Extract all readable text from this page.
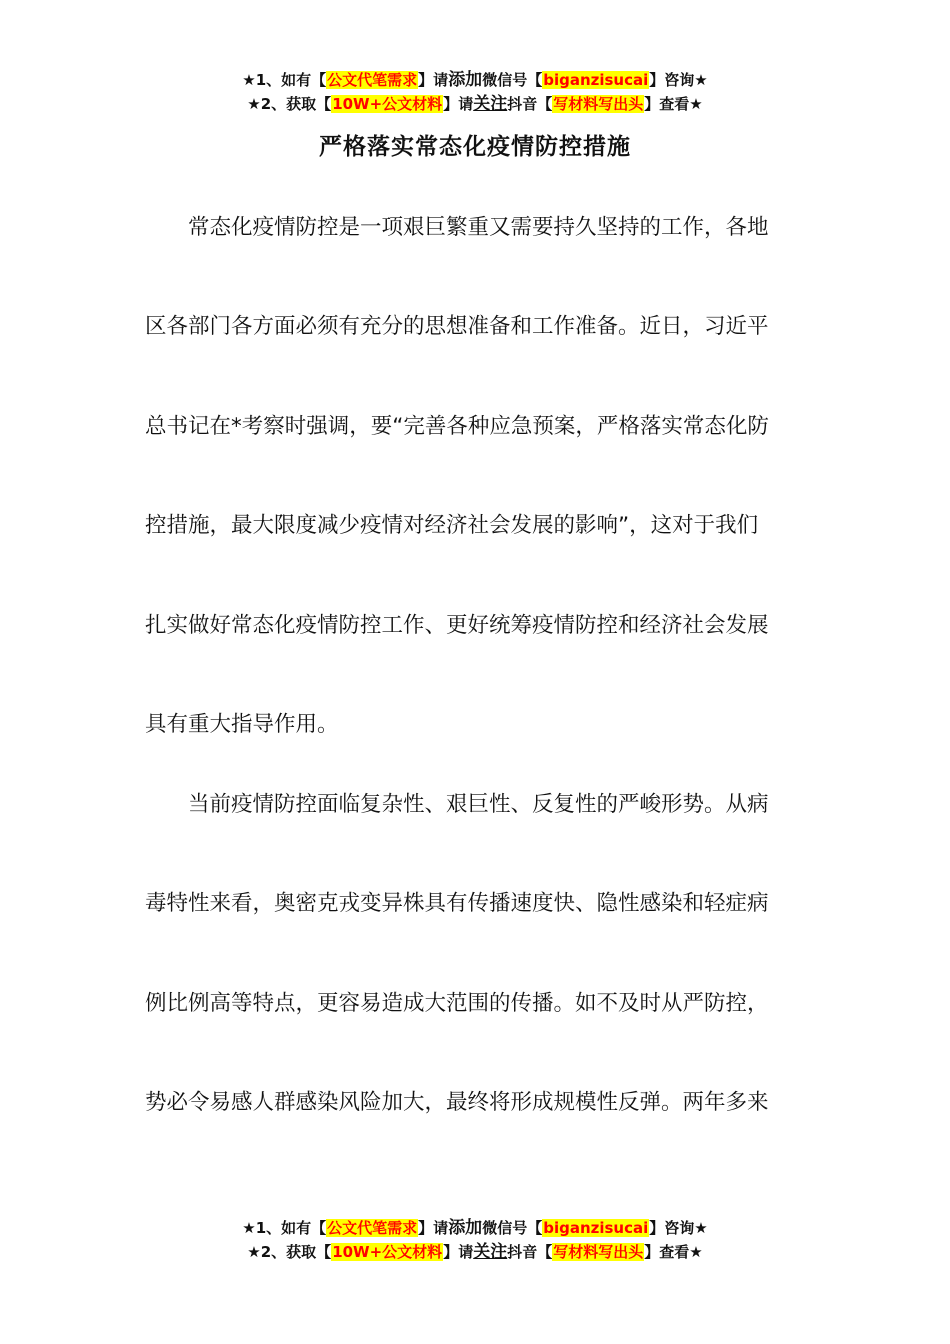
★1、如有【公文代笔需求】请添加微信号【biganzisucai】咨询★
★2、获取【10W+公文材料】请关注抖音【写材料写出头】查看★
严格落实常态化疫情防控措施
常态化疫情防控是一项艰巨繁重又需要持久坚持的工作，各地
区各部门各方面必须有充分的思想准备和工作准备。近日，习近平
总书记在*考察时强调，要“完善各种应急预案，严格落实常态化防
控措施，最大限度减少疫情对经济社会发展的影响”，这对于我们
扎实做好常态化疫情防控工作、更好统筹疫情防控和经济社会发展
具有重大指导作用。
当前疫情防控面临复杂性、艰巨性、反复性的严峻形势。从病
毒特性来看，奥密克戎变异株具有传播速度快、隐性感染和轻症病
例比例高等特点，更容易造成大范围的传播。如不及时从严防控，
势必令易感人群感染风险加大，最终将形成规模性反弹。两年多来
★1、如有【公文代笔需求】请添加微信号【biganzisucai】咨询★
★2、获取【10W+公文材料】请关注抖音【写材料写出头】查看★
